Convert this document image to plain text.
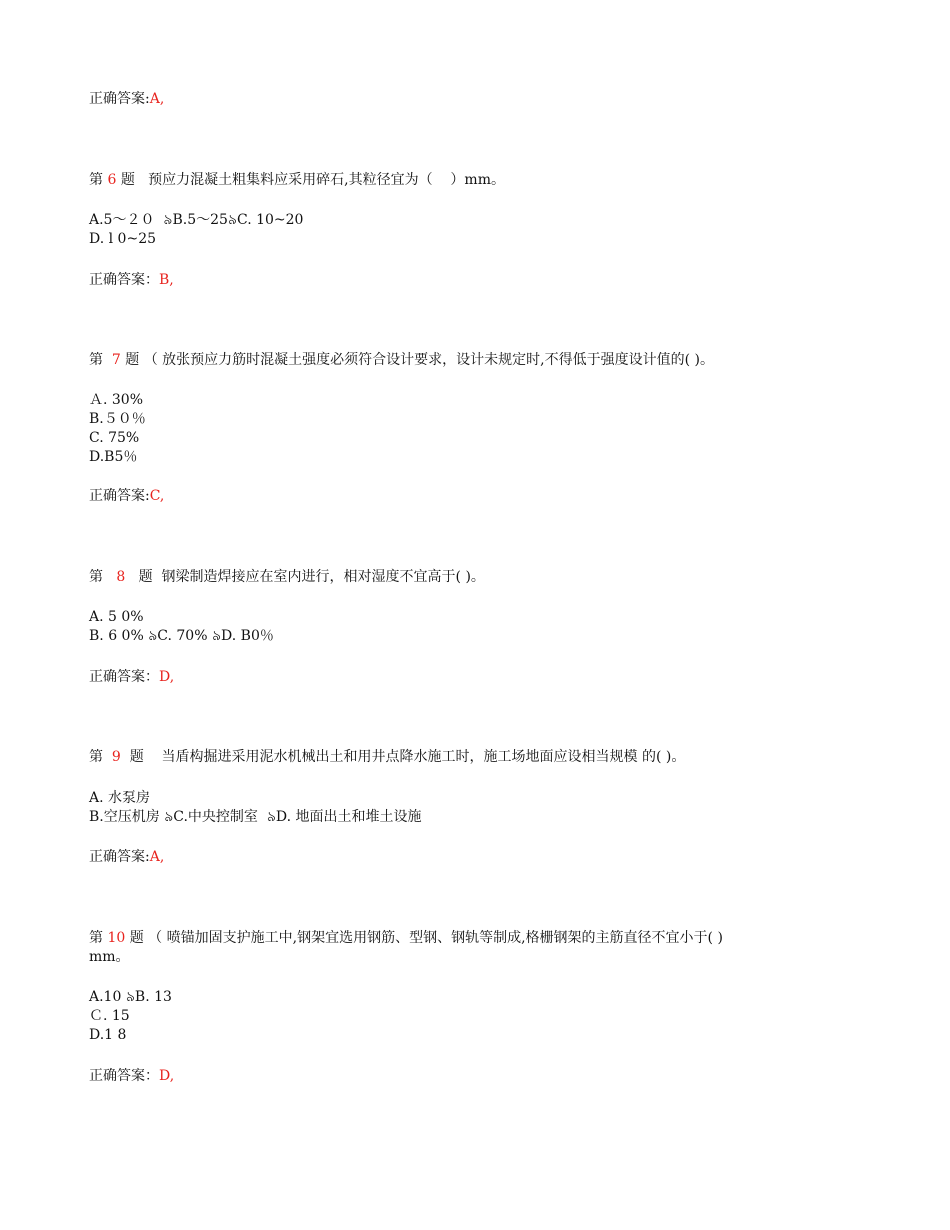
正确答案:A,
第 6 题   预应力混凝土粗集料应采用碎石,其粒径宜为（    ）mm。
A.5～２０  ৯B.5～25৯C. 10~20
D. l 0~25
正确答案：B,
第  7 题 （ 放张预应力筋时混凝土强度必须符合设计要求，设计未规定时,不得低于强度设计值的( )。
Ａ. 30%
B.５０％
C. 75%
D.B5％
正确答案:C,
第   8   题  钢梁制造焊接应在室内进行，相对湿度不宜高于( )。
A. 5 0%
B. 6 0% ৯C. 70% ৯D. B0％
正确答案：D,
第  9  题    当盾构掘进采用泥水机械出土和用井点降水施工时，施工场地面应设相当规模 的( )。
A. 水泵房
B.空压机房 ৯C.中央控制室  ৯D. 地面出土和堆土设施
正确答案:A,
第 10 题 （ 喷锚加固支护施工中,钢架宜选用钢筋、型钢、钢轨等制成,格栅钢架的主筋直径不宜小于( )
mm。
A.10 ৯B. 13
Ｃ. 15
D.1 8
正确答案：D,
